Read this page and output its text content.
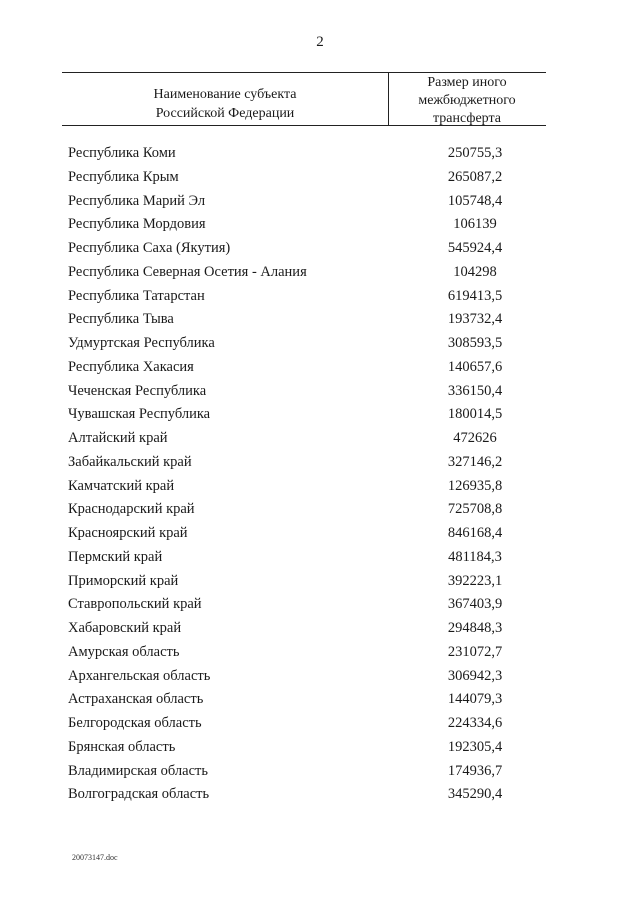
2
Наименование субъекта
Российской Федерации
Размер иного
межбюджетного
трансферта
Республика Коми	250755,3
Республика Крым	265087,2
Республика Марий Эл	105748,4
Республика Мордовия	106139
Республика Саха (Якутия)	545924,4
Республика Северная Осетия - Алания	104298
Республика Татарстан	619413,5
Республика Тыва	193732,4
Удмуртская Республика	308593,5
Республика Хакасия	140657,6
Чеченская Республика	336150,4
Чувашская Республика	180014,5
Алтайский край	472626
Забайкальский край	327146,2
Камчатский край	126935,8
Краснодарский край	725708,8
Красноярский край	846168,4
Пермский край	481184,3
Приморский край	392223,1
Ставропольский край	367403,9
Хабаровский край	294848,3
Амурская область	231072,7
Архангельская область	306942,3
Астраханская область	144079,3
Белгородская область	224334,6
Брянская область	192305,4
Владимирская область	174936,7
Волгоградская область	345290,4
20073147.doc
